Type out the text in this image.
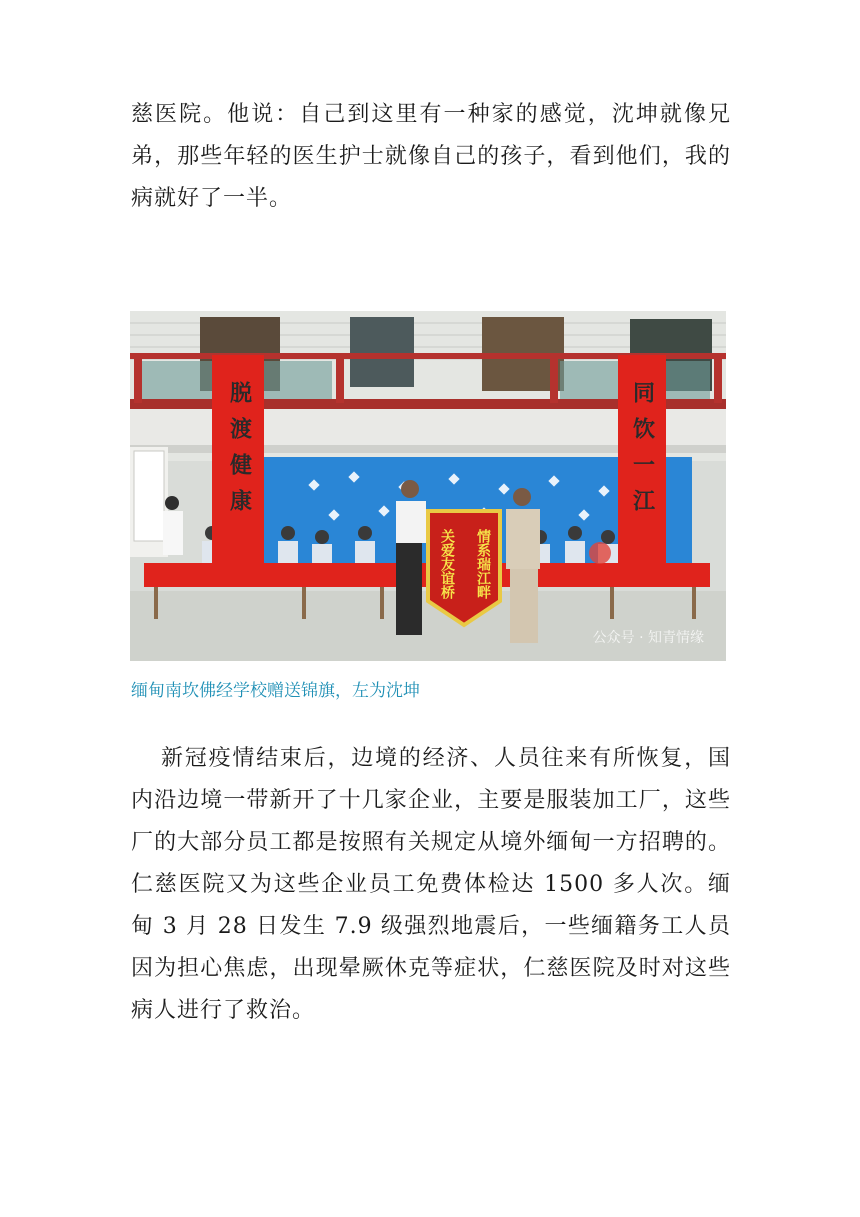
慈医院。他说：自己到这里有一种家的感觉，沈坤就像兄弟，那些年轻的医生护士就像自己的孩子，看到他们，我的病就好了一半。

情系瑞江畔
关爱友谊桥
脱渡健康	同饮一江
公众号 · 知青情缘
缅甸南坎佛经学校赠送锦旗，左为沈坤

新冠疫情结束后，边境的经济、人员往来有所恢复，国内沿边境一带新开了十几家企业，主要是服装加工厂，这些厂的大部分员工都是按照有关规定从境外缅甸一方招聘的。仁慈医院又为这些企业员工免费体检达 1500 多人次。缅甸 3 月 28 日发生 7.9 级强烈地震后，一些缅籍务工人员因为担心焦虑，出现晕厥休克等症状，仁慈医院及时对这些病人进行了救治。
